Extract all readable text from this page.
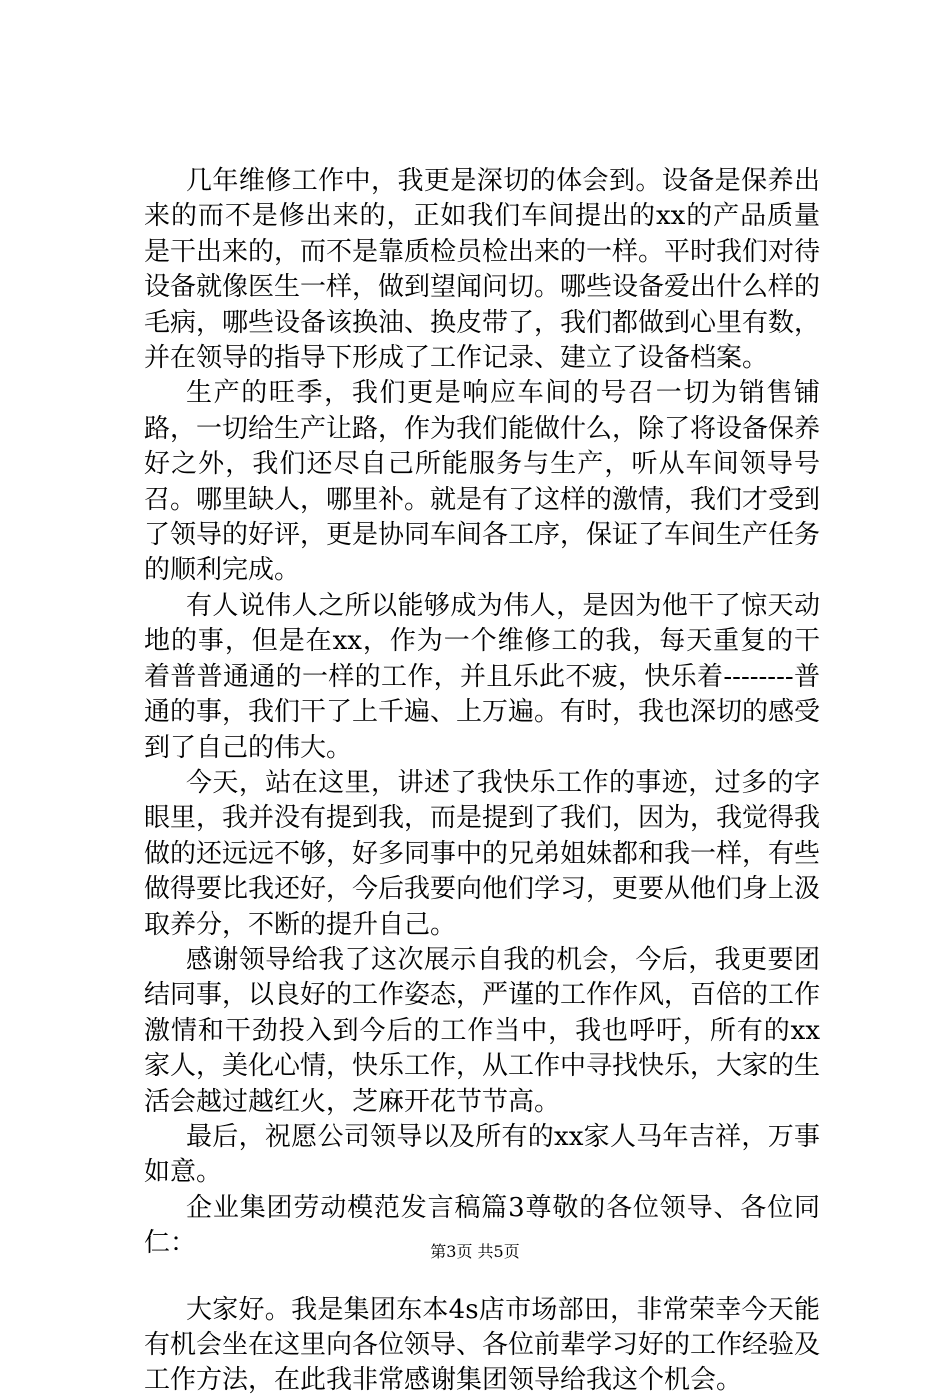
几年维修工作中，我更是深切的体会到。设备是保养出来的而不是修出来的，正如我们车间提出的xx的产品质量是干出来的，而不是靠质检员检出来的一样。平时我们对待设备就像医生一样，做到望闻问切。哪些设备爱出什么样的毛病，哪些设备该换油、换皮带了，我们都做到心里有数，并在领导的指导下形成了工作记录、建立了设备档案。

生产的旺季，我们更是响应车间的号召一切为销售铺路，一切给生产让路，作为我们能做什么，除了将设备保养好之外，我们还尽自己所能服务与生产，听从车间领导号召。哪里缺人，哪里补。就是有了这样的激情，我们才受到了领导的好评，更是协同车间各工序，保证了车间生产任务的顺利完成。

有人说伟人之所以能够成为伟人，是因为他干了惊天动地的事，但是在xx，作为一个维修工的我，每天重复的干着普普通通的一样的工作，并且乐此不疲，快乐着--------普通的事，我们干了上千遍、上万遍。有时，我也深切的感受到了自己的伟大。

今天，站在这里，讲述了我快乐工作的事迹，过多的字眼里，我并没有提到我，而是提到了我们，因为，我觉得我做的还远远不够，好多同事中的兄弟姐妹都和我一样，有些做得要比我还好，今后我要向他们学习，更要从他们身上汲取养分，不断的提升自己。

感谢领导给我了这次展示自我的机会，今后，我更要团结同事，以良好的工作姿态，严谨的工作作风，百倍的工作激情和干劲投入到今后的工作当中，我也呼吁，所有的xx家人，美化心情，快乐工作，从工作中寻找快乐，大家的生活会越过越红火，芝麻开花节节高。

最后，祝愿公司领导以及所有的xx家人马年吉祥，万事如意。

企业集团劳动模范发言稿篇3尊敬的各位领导、各位同仁：

大家好。我是集团东本4s店市场部田，非常荣幸今天能有机会坐在这里向各位领导、各位前辈学习好的工作经验及工作方法，在此我非常感谢集团领导给我这个机会。

第3页 共5页
